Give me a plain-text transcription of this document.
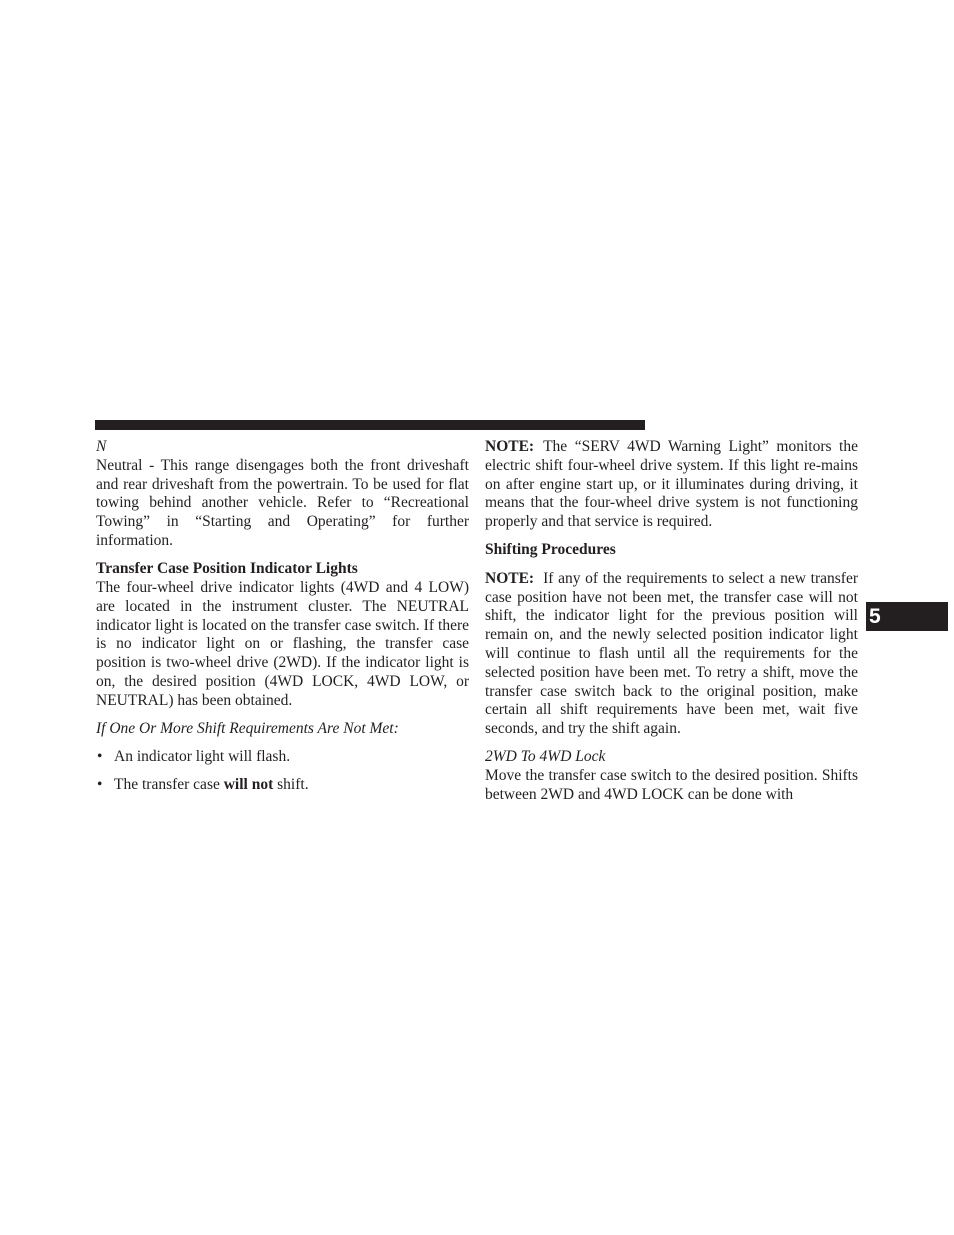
N

Neutral - This range disengages both the front driveshaft and rear driveshaft from the powertrain. To be used for flat towing behind another vehicle. Refer to “Recreational Towing” in “Starting and Operating” for further information.

Transfer Case Position Indicator Lights

The four-wheel drive indicator lights (4WD and 4 LOW) are located in the instrument cluster. The NEUTRAL indicator light is located on the transfer case switch. If there is no indicator light on or flashing, the transfer case position is two-wheel drive (2WD). If the indicator light is on, the desired position (4WD LOCK, 4WD LOW, or NEUTRAL) has been obtained.

If One Or More Shift Requirements Are Not Met:

• An indicator light will flash.
• The transfer case will not shift.

NOTE: The “SERV 4WD Warning Light” monitors the electric shift four-wheel drive system. If this light re-mains on after engine start up, or it illuminates during driving, it means that the four-wheel drive system is not functioning properly and that service is required.

Shifting Procedures

NOTE: If any of the requirements to select a new transfer case position have not been met, the transfer case will not shift, the indicator light for the previous position will remain on, and the newly selected position indicator light will continue to flash until all the requirements for the selected position have been met. To retry a shift, move the transfer case switch back to the original position, make certain all shift requirements have been met, wait five seconds, and try the shift again.

2WD To 4WD Lock

Move the transfer case switch to the desired position. Shifts between 2WD and 4WD LOCK can be done with

5
